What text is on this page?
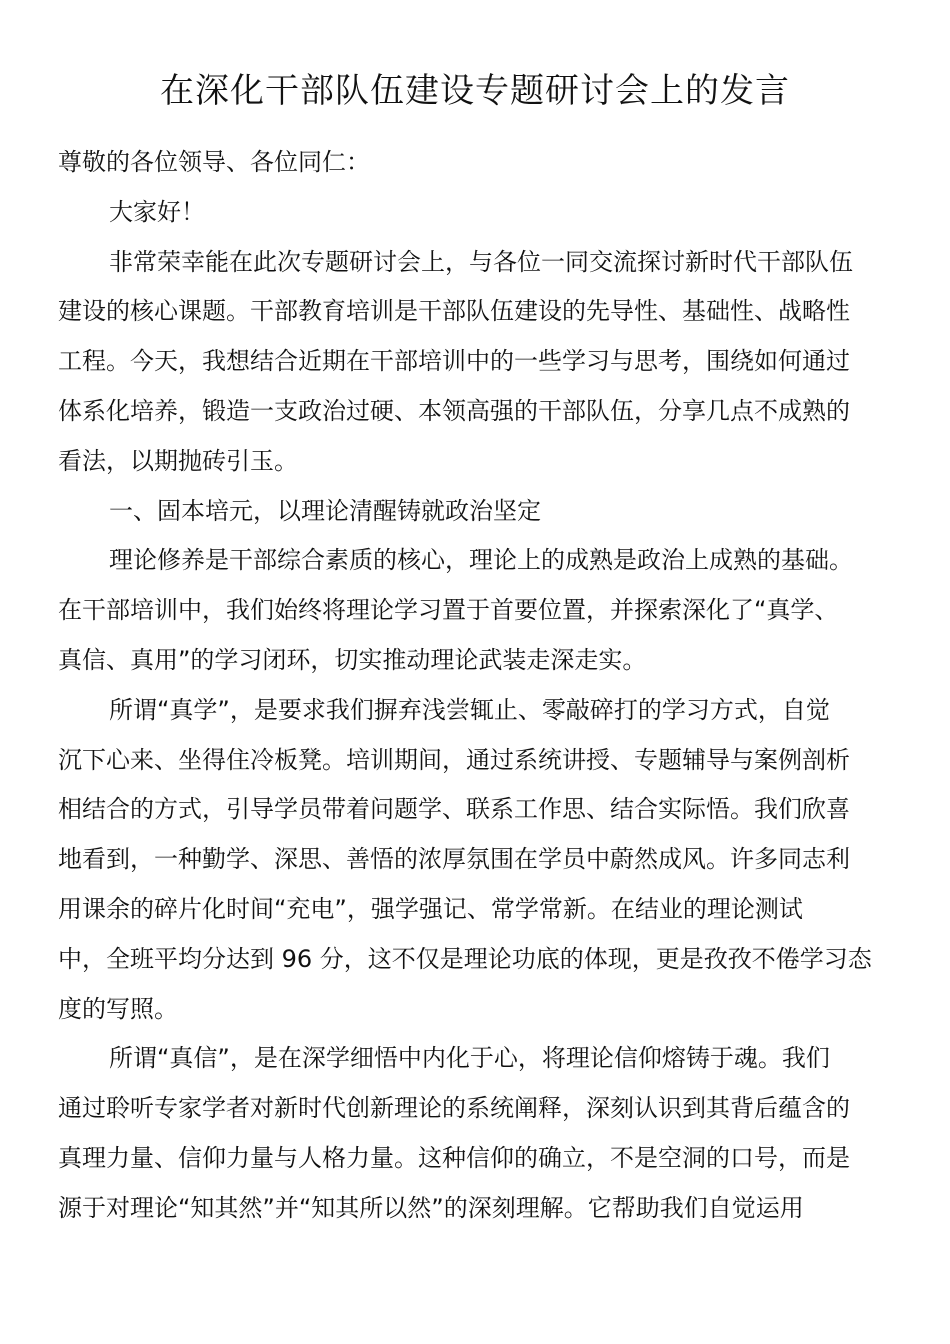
在深化干部队伍建设专题研讨会上的发言

尊敬的各位领导、各位同仁：

大家好！

非常荣幸能在此次专题研讨会上，与各位一同交流探讨新时代干部队伍

建设的核心课题。干部教育培训是干部队伍建设的先导性、基础性、战略性

工程。今天，我想结合近期在干部培训中的一些学习与思考，围绕如何通过

体系化培养，锻造一支政治过硬、本领高强的干部队伍，分享几点不成熟的

看法，以期抛砖引玉。

一、固本培元，以理论清醒铸就政治坚定

理论修养是干部综合素质的核心，理论上的成熟是政治上成熟的基础。

在干部培训中，我们始终将理论学习置于首要位置，并探索深化了“真学、

真信、真用”的学习闭环，切实推动理论武装走深走实。

所谓“真学”，是要求我们摒弃浅尝辄止、零敲碎打的学习方式，自觉

沉下心来、坐得住冷板凳。培训期间，通过系统讲授、专题辅导与案例剖析

相结合的方式，引导学员带着问题学、联系工作思、结合实际悟。我们欣喜

地看到，一种勤学、深思、善悟的浓厚氛围在学员中蔚然成风。许多同志利

用课余的碎片化时间“充电”，强学强记、常学常新。在结业的理论测试

中，全班平均分达到 96 分，这不仅是理论功底的体现，更是孜孜不倦学习态

度的写照。

所谓“真信”，是在深学细悟中内化于心，将理论信仰熔铸于魂。我们

通过聆听专家学者对新时代创新理论的系统阐释，深刻认识到其背后蕴含的

真理力量、信仰力量与人格力量。这种信仰的确立，不是空洞的口号，而是

源于对理论“知其然”并“知其所以然”的深刻理解。它帮助我们自觉运用
